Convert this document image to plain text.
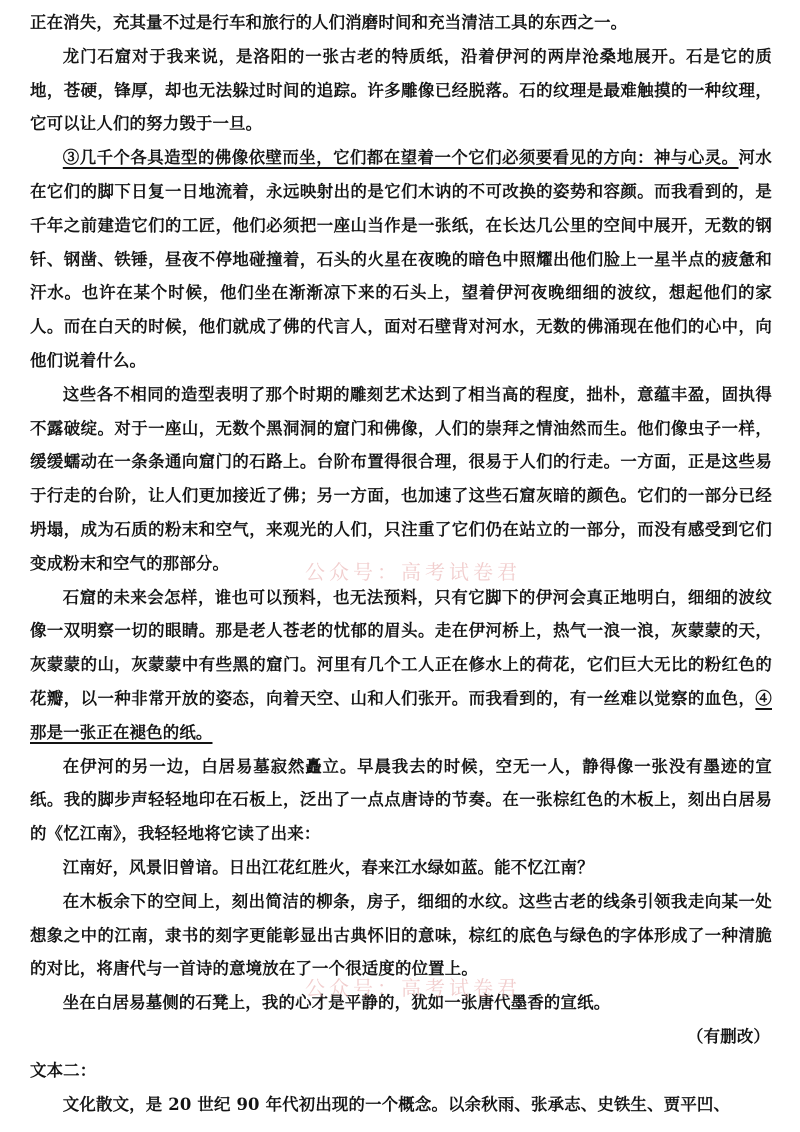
正在消失，充其量不过是行车和旅行的人们消磨时间和充当清洁工具的东西之一。

龙门石窟对于我来说，是洛阳的一张古老的特质纸，沿着伊河的两岸沧桑地展开。石是它的质地，苍硬，锋厚，却也无法躲过时间的追踪。许多雕像已经脱落。石的纹理是最难触摸的一种纹理，它可以让人们的努力毁于一旦。

③几千个各具造型的佛像依壁而坐，它们都在望着一个它们必须要看见的方向：神与心灵。河水在它们的脚下日复一日地流着，永远映射出的是它们木讷的不可改换的姿势和容颜。而我看到的，是千年之前建造它们的工匠，他们必须把一座山当作是一张纸，在长达几公里的空间中展开，无数的钢钎、钢凿、铁锤，昼夜不停地碰撞着，石头的火星在夜晚的暗色中照耀出他们脸上一星半点的疲惫和汗水。也许在某个时候，他们坐在渐渐凉下来的石头上，望着伊河夜晚细细的波纹，想起他们的家人。而在白天的时候，他们就成了佛的代言人，面对石壁背对河水，无数的佛涌现在他们的心中，向他们说着什么。

这些各不相同的造型表明了那个时期的雕刻艺术达到了相当高的程度，拙朴，意蕴丰盈，固执得不露破绽。对于一座山，无数个黑洞洞的窟门和佛像，人们的崇拜之情油然而生。他们像虫子一样，缓缓蠕动在一条条通向窟门的石路上。台阶布置得很合理，很易于人们的行走。一方面，正是这些易于行走的台阶，让人们更加接近了佛；另一方面，也加速了这些石窟灰暗的颜色。它们的一部分已经坍塌，成为石质的粉末和空气，来观光的人们，只注重了它们仍在站立的一部分，而没有感受到它们变成粉末和空气的那部分。

石窟的未来会怎样，谁也可以预料，也无法预料，只有它脚下的伊河会真正地明白，细细的波纹像一双明察一切的眼睛。那是老人苍老的忧郁的眉头。走在伊河桥上，热气一浪一浪，灰蒙蒙的天，灰蒙蒙的山，灰蒙蒙中有些黑的窟门。河里有几个工人正在修水上的荷花，它们巨大无比的粉红色的花瓣，以一种非常开放的姿态，向着天空、山和人们张开。而我看到的，有一丝难以觉察的血色，④那是一张正在褪色的纸。

在伊河的另一边，白居易墓寂然矗立。早晨我去的时候，空无一人，静得像一张没有墨迹的宣纸。我的脚步声轻轻地印在石板上，泛出了一点点唐诗的节奏。在一张棕红色的木板上，刻出白居易的《忆江南》，我轻轻地将它读了出来：

江南好，风景旧曾谙。日出江花红胜火，春来江水绿如蓝。能不忆江南？

在木板余下的空间上，刻出简洁的柳条，房子，细细的水纹。这些古老的线条引领我走向某一处想象之中的江南，隶书的刻字更能彰显出古典怀旧的意味，棕红的底色与绿色的字体形成了一种清脆的对比，将唐代与一首诗的意境放在了一个很适度的位置上。

坐在白居易墓侧的石凳上，我的心才是平静的，犹如一张唐代墨香的宣纸。

（有删改）

文本二：

文化散文，是 20 世纪 90 年代初出现的一个概念。以余秋雨、张承志、史铁生、贾平凹、

公众号：高考试卷君
公众号：高考试卷君
